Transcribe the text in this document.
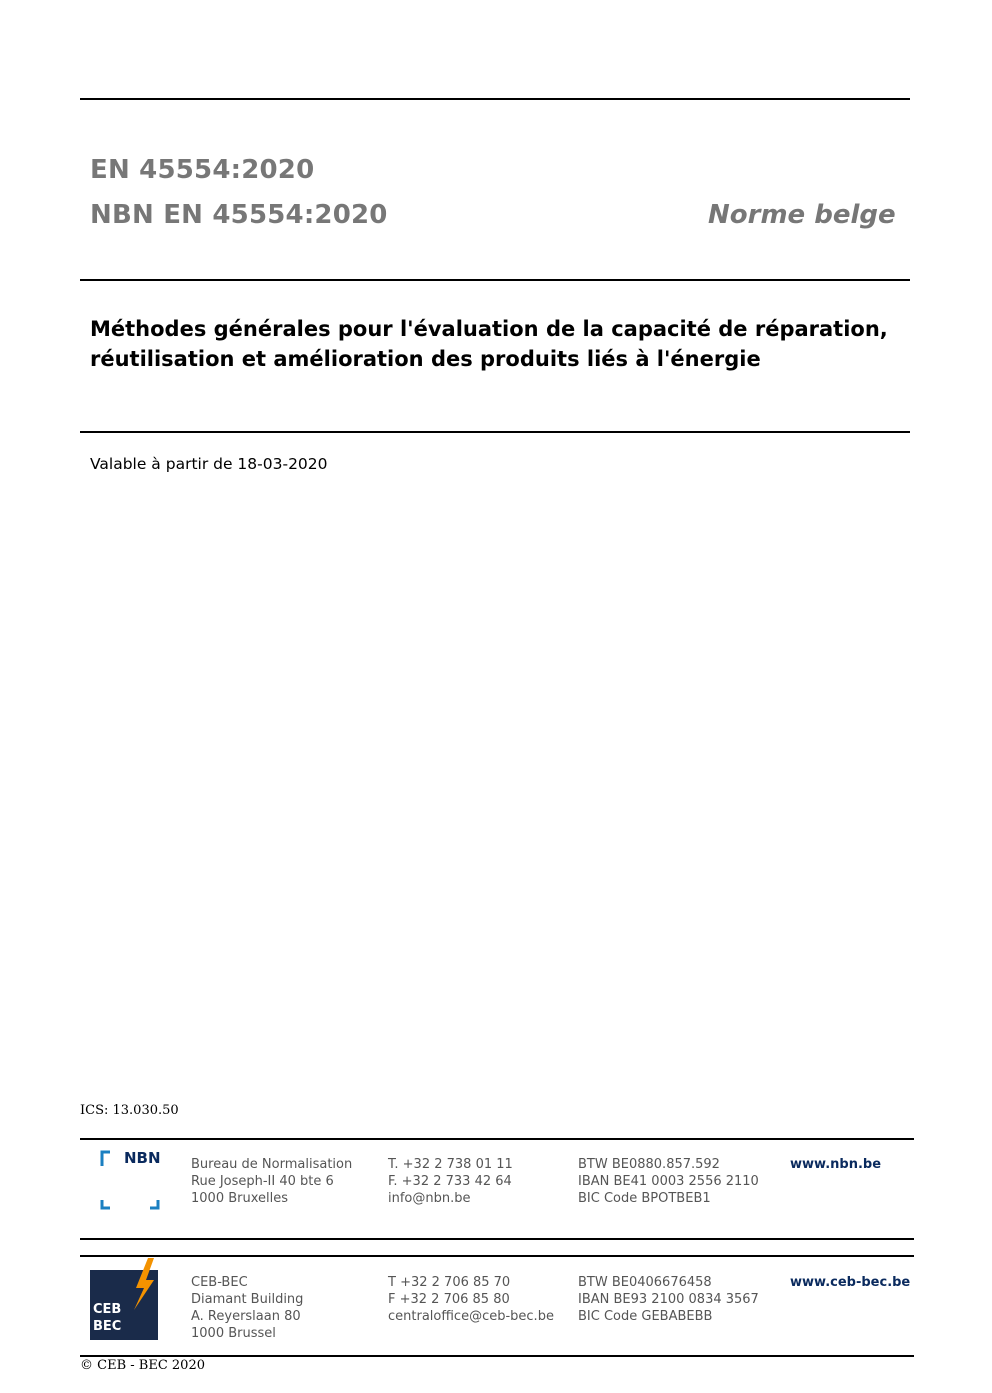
EN 45554:2020
NBN EN 45554:2020	Norme belge
Méthodes générales pour l'évaluation de la capacité de réparation, réutilisation et amélioration des produits liés à l'énergie
Valable à partir de 18-03-2020
ICS: 13.030.50
NBN Bureau de Normalisation
Rue Joseph-II 40 bte 6
1000 Bruxelles
T. +32 2 738 01 11
F. +32 2 733 42 64
info@nbn.be
BTW BE0880.857.592
IBAN BE41 0003 2556 2110
BIC Code BPOTBEB1
www.nbn.be
CEB
BEC
CEB-BEC
Diamant Building
A. Reyerslaan 80
1000 Brussel
T +32 2 706 85 70
F +32 2 706 85 80
centraloffice@ceb-bec.be
BTW BE0406676458
IBAN BE93 2100 0834 3567
BIC Code GEBABEBB
www.ceb-bec.be
© CEB - BEC 2020
